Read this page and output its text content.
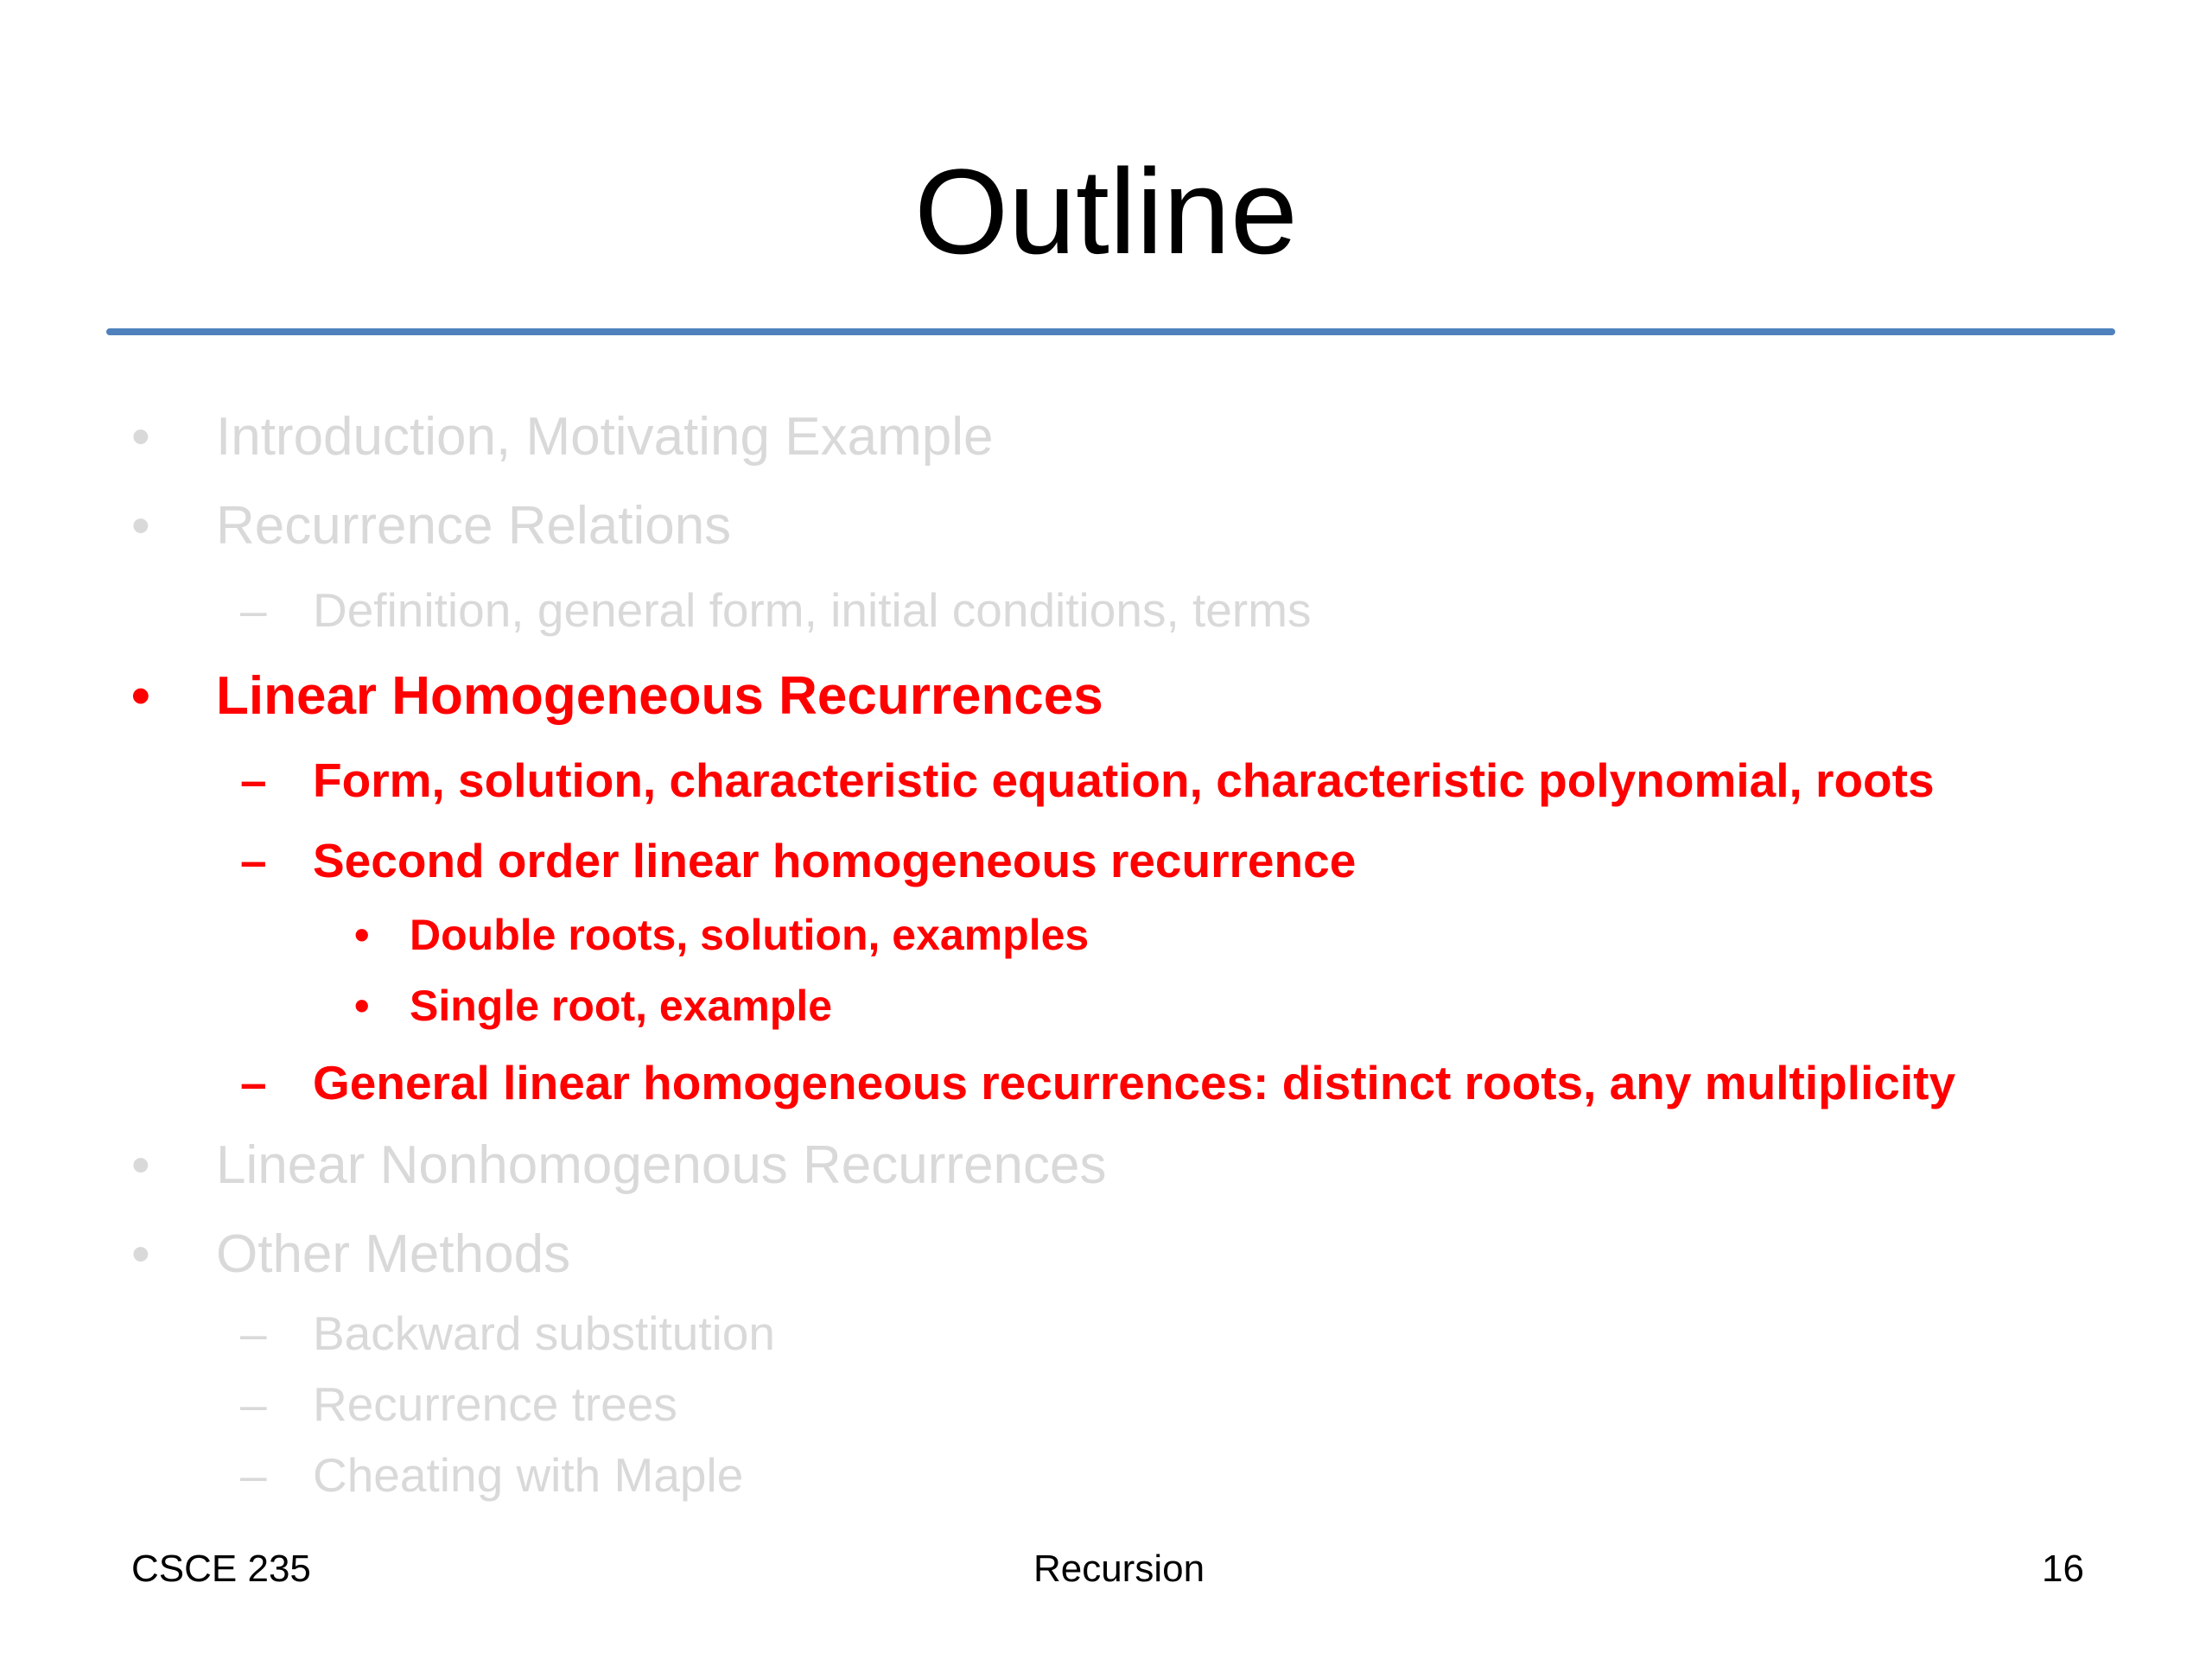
Outline
• Introduction, Motivating Example
• Recurrence Relations
– Definition, general form, initial conditions, terms
• Linear Homogeneous Recurrences
– Form, solution, characteristic equation, characteristic polynomial, roots
– Second order linear homogeneous recurrence
• Double roots, solution, examples
• Single root, example
– General linear homogeneous recurrences: distinct roots, any multiplicity
• Linear Nonhomogenous Recurrences
• Other Methods
– Backward substitution
– Recurrence trees
– Cheating with Maple
CSCE 235	Recursion	16
